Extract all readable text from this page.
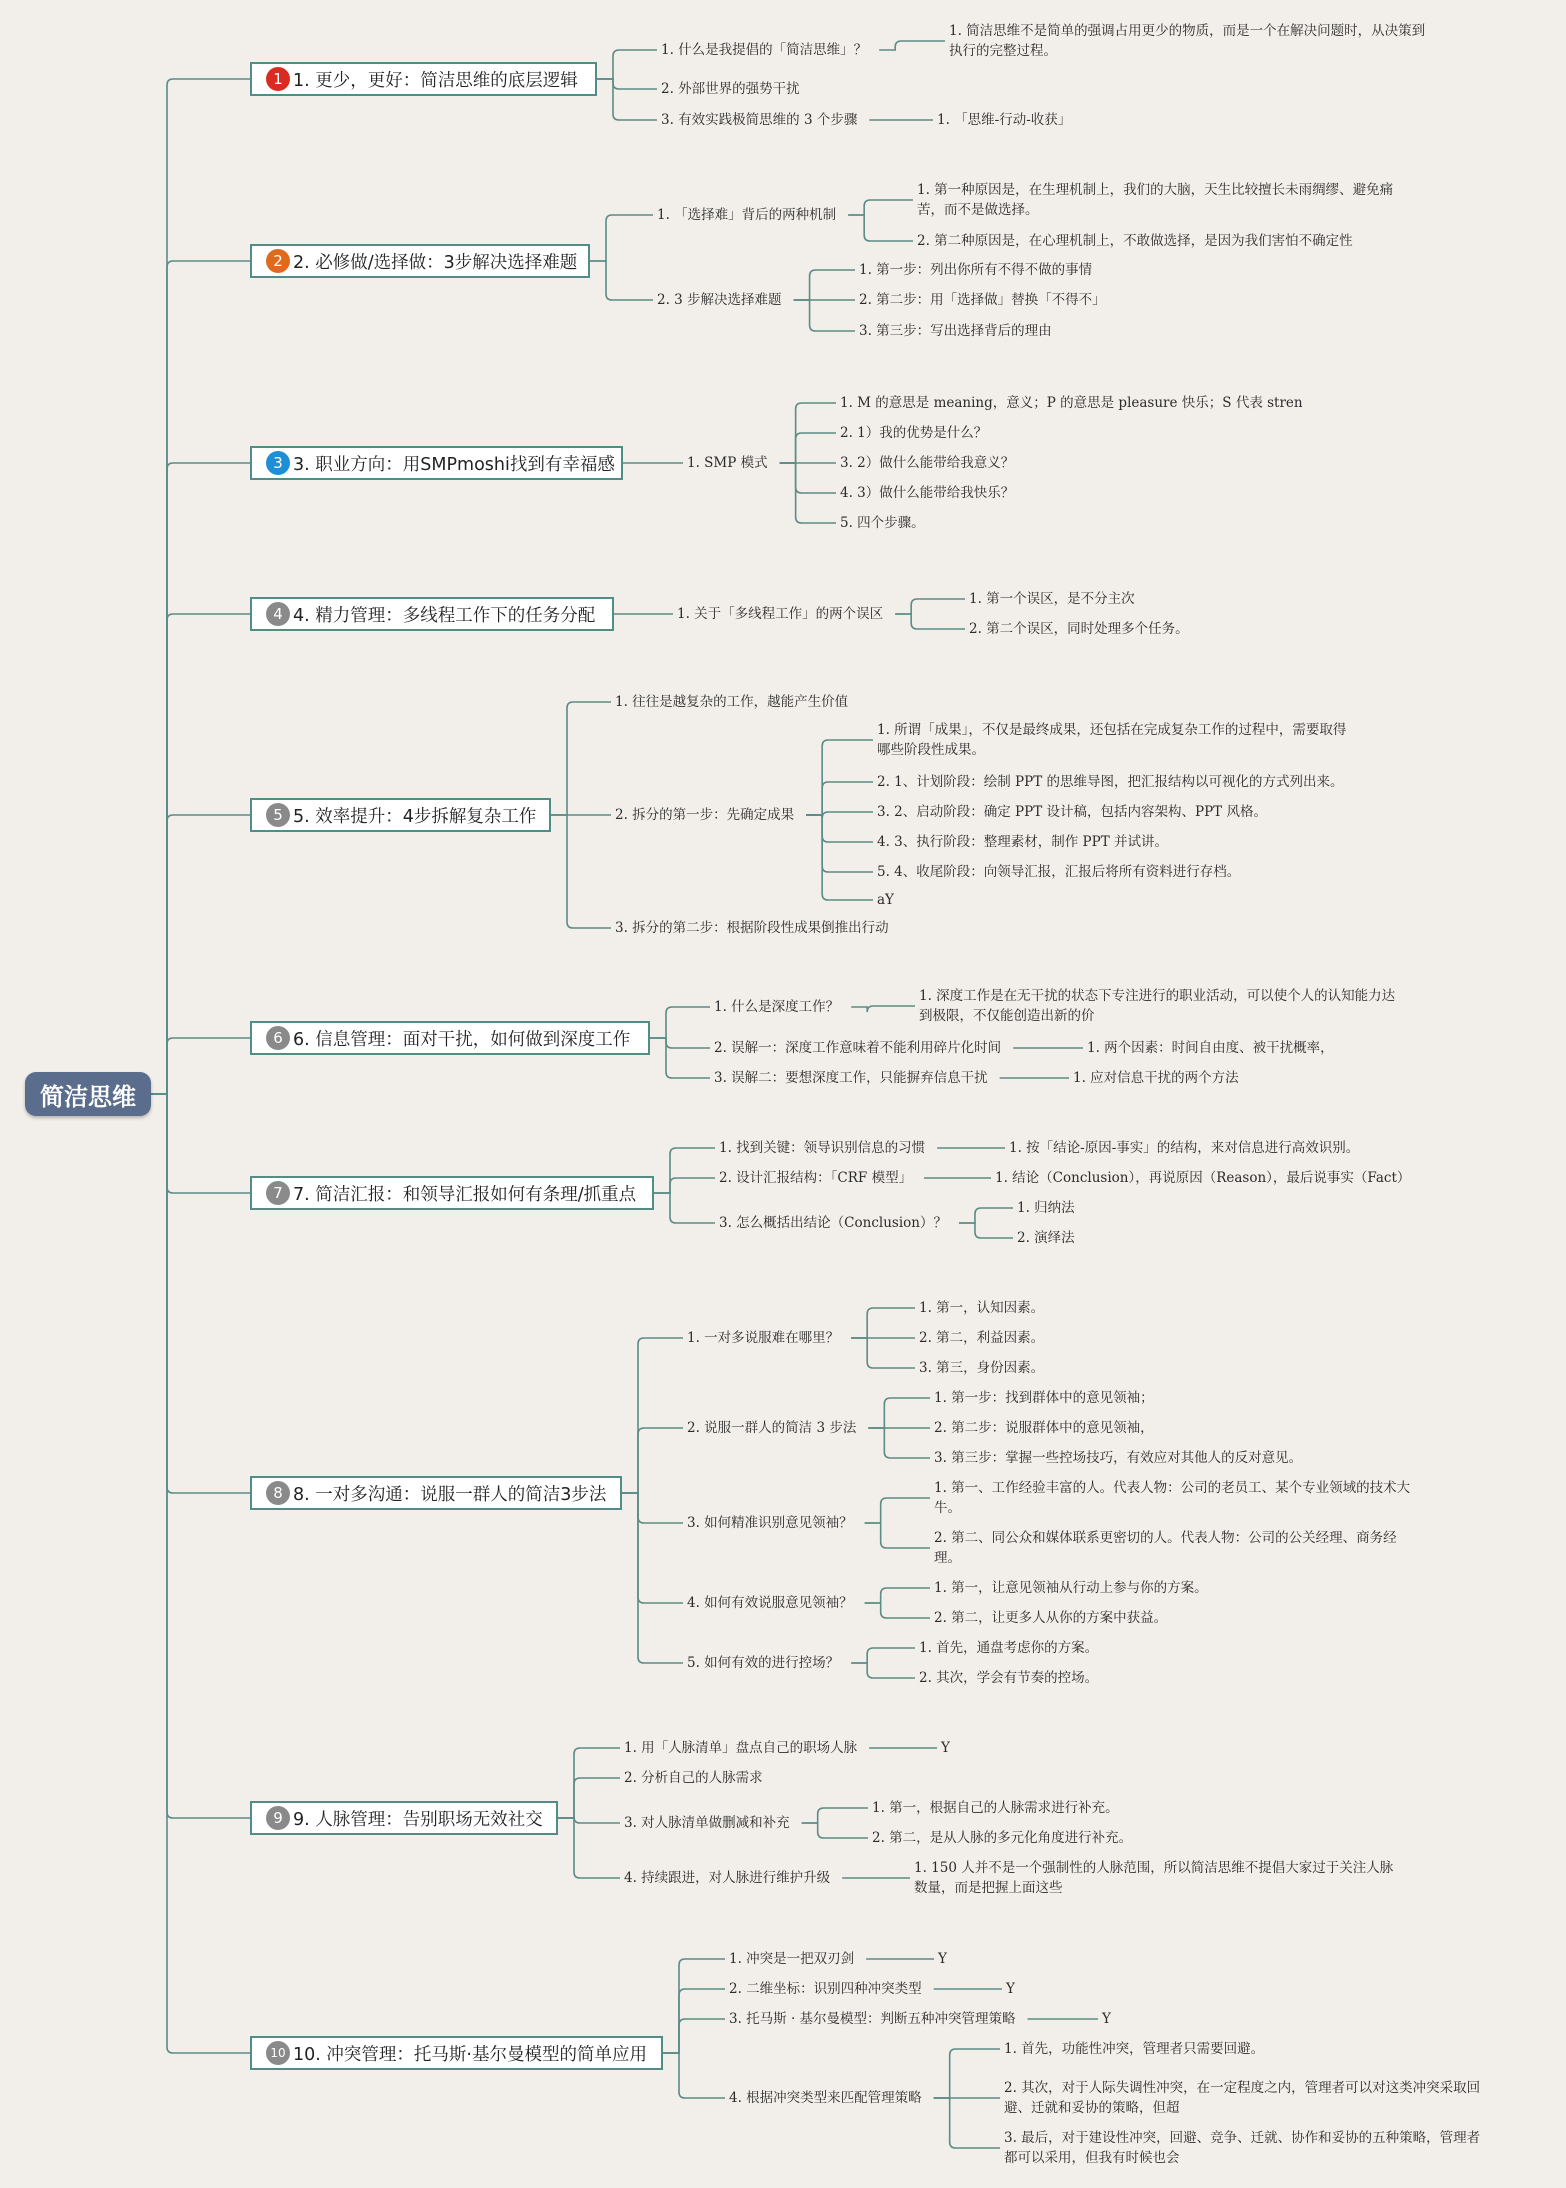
简洁思维
1 1. 更少，更好：简洁思维的底层逻辑
1. 什么是我提倡的「简洁思维」？
1. 简洁思维不是简单的强调占用更少的物质，而是一个在解决问题时，从决策到
执行的完整过程。
2. 外部世界的强势干扰
3. 有效实践极简思维的 3 个步骤	1. 「思维-行动-收获」
2 2. 必修做/选择做：3步解决选择难题
1. 「选择难」背后的两种机制
1. 第一种原因是，在生理机制上，我们的大脑，天生比较擅长未雨绸缪、避免痛
苦，而不是做选择。
2. 第二种原因是，在心理机制上，不敢做选择，是因为我们害怕不确定性
2. 3 步解决选择难题
1. 第一步：列出你所有不得不做的事情
2. 第二步：用「选择做」替换「不得不」
3. 第三步：写出选择背后的理由
3 3. 职业方向：用SMPmoshi找到有幸福感	1. SMP 模式
1. M 的意思是 meaning，意义；P 的意思是 pleasure 快乐；S 代表 stren
2. 1）我的优势是什么？
3. 2）做什么能带给我意义？
4. 3）做什么能带给我快乐？
5. 四个步骤。
4 4. 精力管理：多线程工作下的任务分配	1. 关于「多线程工作」的两个误区
1. 第一个误区，是不分主次
2. 第二个误区，同时处理多个任务。
5 5. 效率提升：4步拆解复杂工作
1. 往往是越复杂的工作，越能产生价值
2. 拆分的第一步：先确定成果
1. 所谓「成果」，不仅是最终成果，还包括在完成复杂工作的过程中，需要取得
哪些阶段性成果。
2. 1、计划阶段：绘制 PPT 的思维导图，把汇报结构以可视化的方式列出来。
3. 2、启动阶段：确定 PPT 设计稿，包括内容架构、PPT 风格。
4. 3、执行阶段：整理素材，制作 PPT 并试讲。
5. 4、收尾阶段：向领导汇报，汇报后将所有资料进行存档。
aY
3. 拆分的第二步：根据阶段性成果倒推出行动
6 6. 信息管理：面对干扰，如何做到深度工作
1. 什么是深度工作？
1. 深度工作是在无干扰的状态下专注进行的职业活动，可以使个人的认知能力达
到极限，不仅能创造出新的价
2. 误解一：深度工作意味着不能利用碎片化时间	1. 两个因素：时间自由度、被干扰概率，
3. 误解二：要想深度工作，只能摒弃信息干扰	1. 应对信息干扰的两个方法
7 7. 简洁汇报：和领导汇报如何有条理/抓重点
1. 找到关键：领导识别信息的习惯	1. 按「结论-原因-事实」的结构，来对信息进行高效识别。
2. 设计汇报结构：「CRF 模型」	1. 结论（Conclusion），再说原因（Reason），最后说事实（Fact）
3. 怎么概括出结论（Conclusion）？
1. 归纳法
2. 演绎法
8 8. 一对多沟通：说服一群人的简洁3步法
1. 一对多说服难在哪里？
1. 第一，认知因素。
2. 第二，利益因素。
3. 第三，身份因素。
2. 说服一群人的简洁 3 步法
1. 第一步：找到群体中的意见领袖；
2. 第二步：说服群体中的意见领袖，
3. 第三步：掌握一些控场技巧，有效应对其他人的反对意见。
3. 如何精准识别意见领袖？
1. 第一、工作经验丰富的人。代表人物：公司的老员工、某个专业领域的技术大
牛。
2. 第二、同公众和媒体联系更密切的人。代表人物：公司的公关经理、商务经
理。
4. 如何有效说服意见领袖？
1. 第一，让意见领袖从行动上参与你的方案。
2. 第二，让更多人从你的方案中获益。
5. 如何有效的进行控场？
1. 首先，通盘考虑你的方案。
2. 其次，学会有节奏的控场。
9 9. 人脉管理：告别职场无效社交
1. 用「人脉清单」盘点自己的职场人脉	Y
2. 分析自己的人脉需求
3. 对人脉清单做删减和补充
1. 第一，根据自己的人脉需求进行补充。
2. 第二，是从人脉的多元化角度进行补充。
4. 持续跟进，对人脉进行维护升级
1. 150 人并不是一个强制性的人脉范围，所以简洁思维不提倡大家过于关注人脉
数量，而是把握上面这些
10 10. 冲突管理：托马斯·基尔曼模型的简单应用
1. 冲突是一把双刃剑	Y
2. 二维坐标：识别四种冲突类型	Y
3. 托马斯 · 基尔曼模型：判断五种冲突管理策略	Y
4. 根据冲突类型来匹配管理策略
1. 首先，功能性冲突，管理者只需要回避。
2. 其次，对于人际失调性冲突，在一定程度之内，管理者可以对这类冲突采取回
避、迁就和妥协的策略，但超
3. 最后，对于建设性冲突，回避、竞争、迁就、协作和妥协的五种策略，管理者
都可以采用，但我有时候也会
